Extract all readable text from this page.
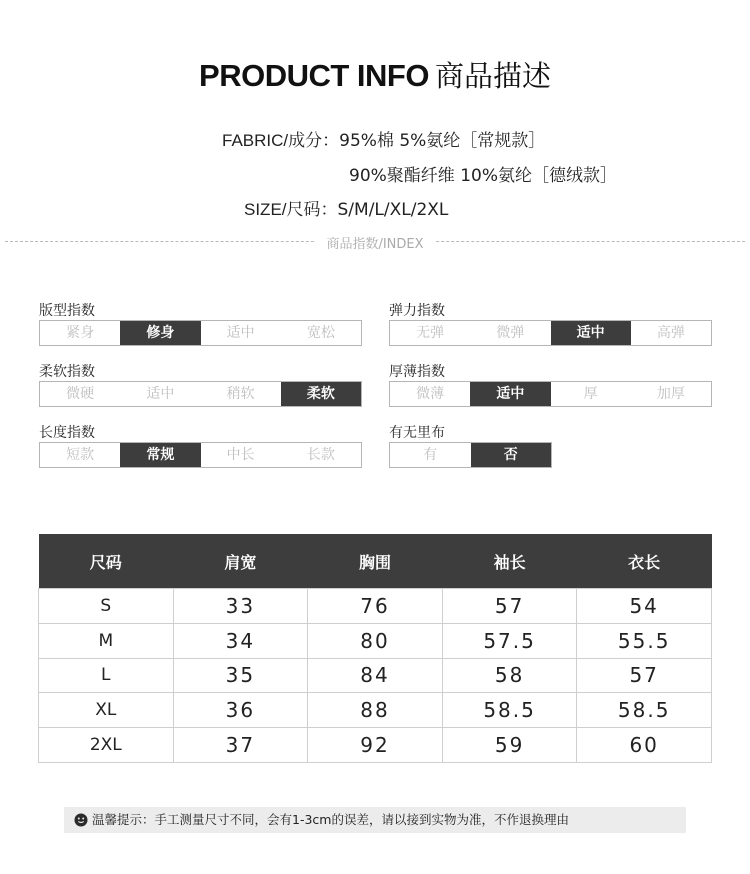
PRODUCT INFO 商品描述
FABRIC/成分：95%棉 5%氨纶［常规款］
90%聚酯纤维 10%氨纶［德绒款］
SIZE/尺码：S/M/L/XL/2XL
商品指数/INDEX
版型指数
紧身	修身	适中	宽松
弹力指数
无弹	微弹	适中	高弹
柔软指数
微硬	适中	稍软	柔软
厚薄指数
微薄	适中	厚	加厚
长度指数
短款	常规	中长	长款
有无里布
有	否
尺码	肩宽	胸围	袖长	衣长
S	33	76	57	54
M	34	80	57.5	55.5
L	35	84	58	57
XL	36	88	58.5	58.5
2XL	37	92	59	60
温馨提示：手工测量尺寸不同，会有1-3cm的误差，请以接到实物为准，不作退换理由
